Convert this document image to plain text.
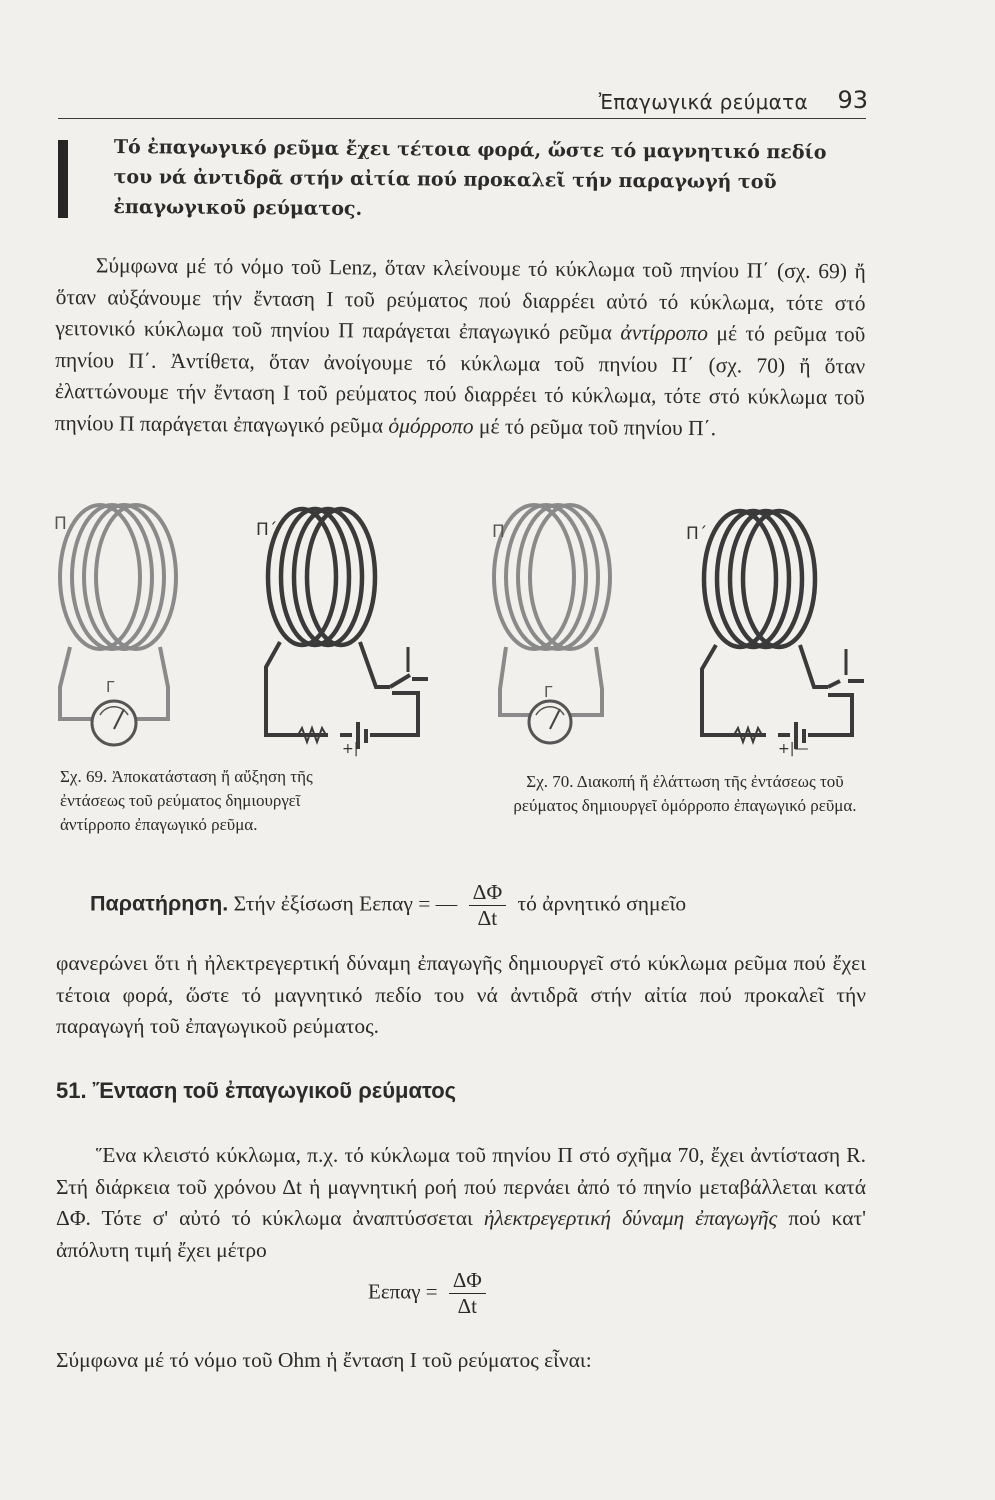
Ἐπαγωγικά ρεύματα 93
Τό ἐπαγωγικό ρεῦμα ἔχει τέτοια φορά, ὥστε τό μαγνητικό πεδίο του νά ἀντιδρᾶ στήν αἰτία πού προκαλεῖ τήν παραγωγή τοῦ ἐπαγωγικοῦ ρεύματος.
Σύμφωνα μέ τό νόμο τοῦ Lenz, ὅταν κλείνουμε τό κύκλωμα τοῦ πηνίου Π΄ (σχ. 69) ἤ ὅταν αὐξάνουμε τήν ἔνταση Ι τοῦ ρεύματος πού διαρρέει αὐτό τό κύκλωμα, τότε στό γειτονικό κύκλωμα τοῦ πηνίου Π παράγεται ἐπαγωγικό ρεῦμα ἀντίρροπο μέ τό ρεῦμα τοῦ πηνίου Π΄. Ἀντίθετα, ὅταν ἀνοίγουμε τό κύκλωμα τοῦ πηνίου Π΄ (σχ. 70) ἤ ὅταν ἐλαττώνουμε τήν ἔνταση Ι τοῦ ρεύματος πού διαρρέει τό κύκλωμα, τότε στό κύκλωμα τοῦ πηνίου Π παράγεται ἐπαγωγικό ρεῦμα ὁμόρροπο μέ τό ρεῦμα τοῦ πηνίου Π΄.
Π
Γ
Π΄
+|
Π
Γ
Π΄
+|—
Σχ. 69. Ἀποκατάσταση ἤ αὔξηση τῆς ἐντάσεως τοῦ ρεύματος δημιουργεῖ ἀντίρροπο ἐπαγωγικό ρεῦμα.
Σχ. 70. Διακοπή ἤ ἐλάττωση τῆς ἐντάσεως τοῦ ρεύματος δημιουργεῖ ὁμόρροπο ἐπαγωγικό ρεῦμα.
Παρατήρηση. Στήν ἐξίσωση Eεπαγ = — $\frac{\Delta\Phi}{\Delta t}$ τό ἀρνητικό σημεῖο
φανερώνει ὅτι ἡ ἠλεκτρεγερτική δύναμη ἐπαγωγῆς δημιουργεῖ στό κύκλωμα ρεῦμα πού ἔχει τέτοια φορά, ὥστε τό μαγνητικό πεδίο του νά ἀντιδρᾶ στήν αἰτία πού προκαλεῖ τήν παραγωγή τοῦ ἐπαγωγικοῦ ρεύματος.
51. Ἔνταση τοῦ ἐπαγωγικοῦ ρεύματος
Ἕνα κλειστό κύκλωμα, π.χ. τό κύκλωμα τοῦ πηνίου Π στό σχῆμα 70, ἔχει ἀντίσταση R. Στή διάρκεια τοῦ χρόνου Δt ἡ μαγνητική ροή πού περνάει ἀπό τό πηνίο μεταβάλλεται κατά ΔΦ. Τότε σ' αὐτό τό κύκλωμα ἀναπτύσσεται ἠλεκτρεγερτική δύναμη ἐπαγωγῆς πού κατ' ἀπόλυτη τιμή ἔχει μέτρο
$E\varepsilon\pi\alpha\gamma = \frac{\Delta\Phi}{\Delta t}$
Σύμφωνα μέ τό νόμο τοῦ Ohm ἡ ἔνταση Ι τοῦ ρεύματος εἶναι:
